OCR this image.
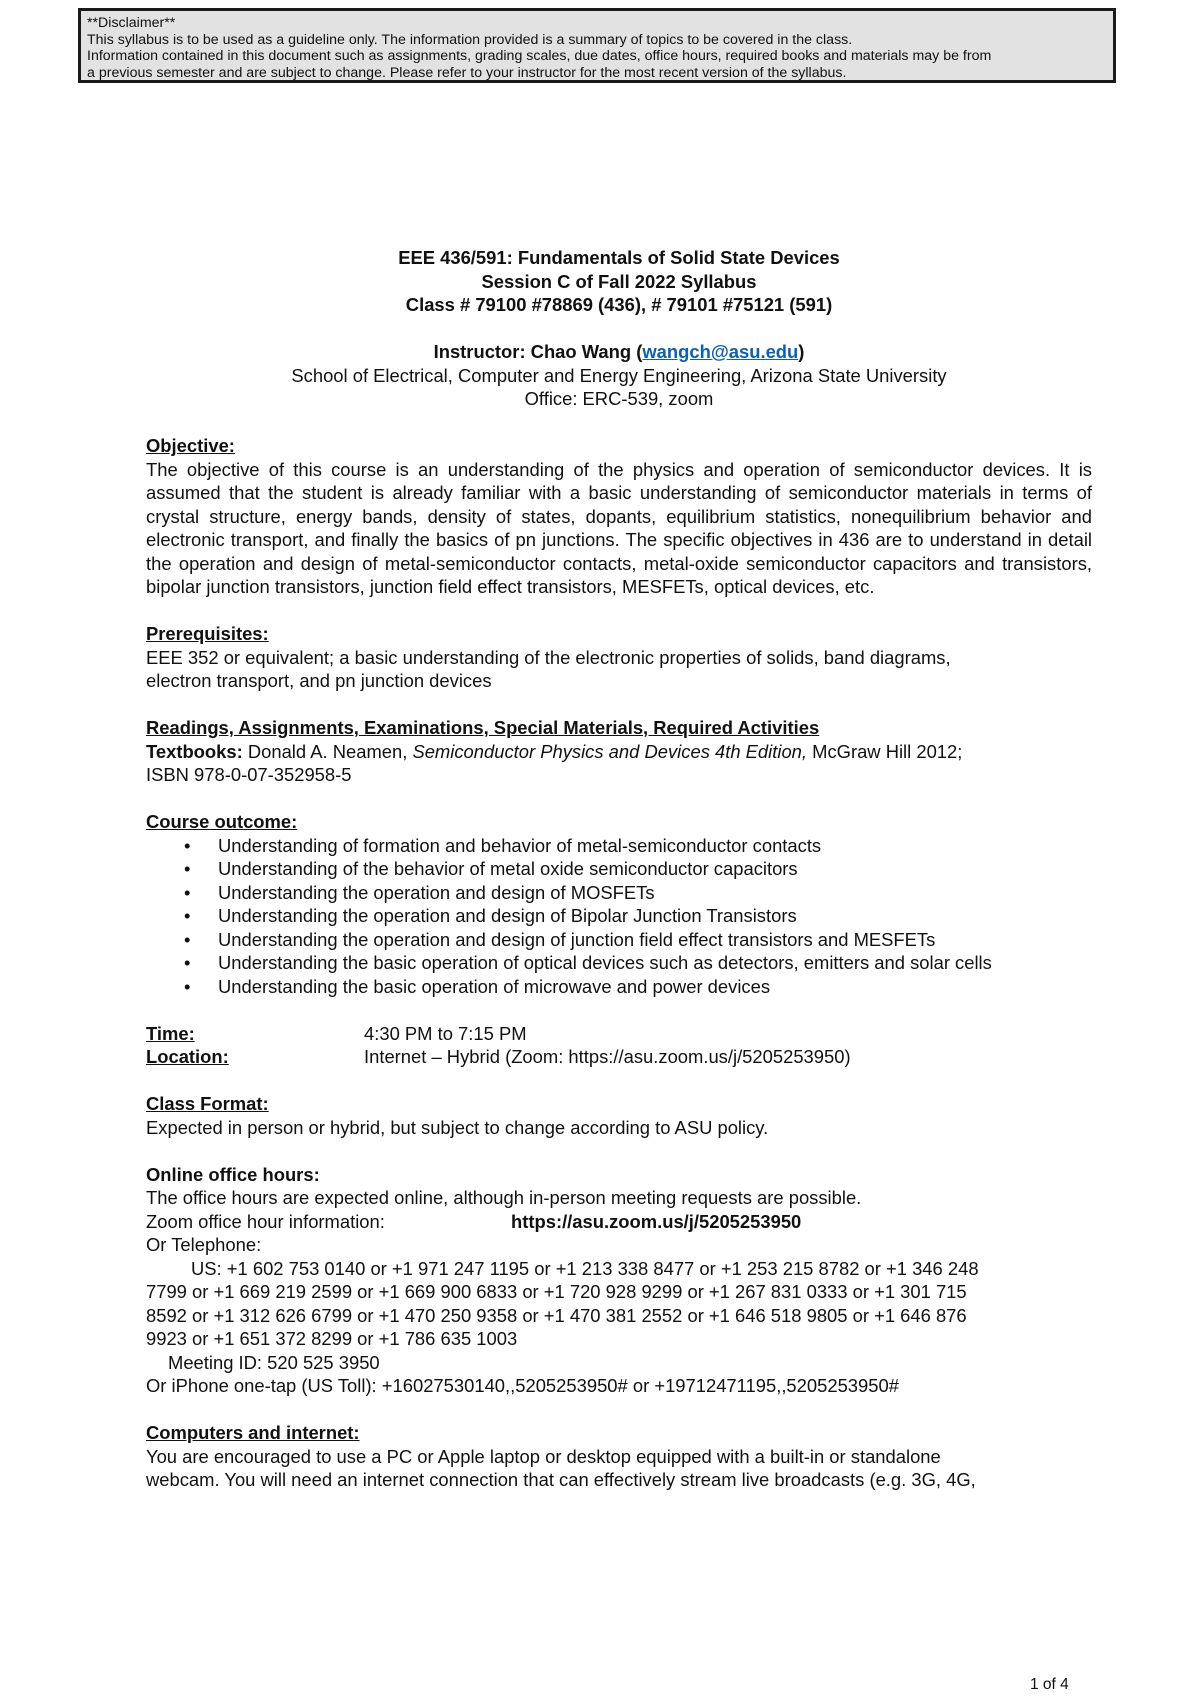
**Disclaimer**
This syllabus is to be used as a guideline only. The information provided is a summary of topics to be covered in the class.
Information contained in this document such as assignments, grading scales, due dates, office hours, required books and materials may be from
a previous semester and are subject to change. Please refer to your instructor for the most recent version of the syllabus.
EEE 436/591: Fundamentals of Solid State Devices
Session C of Fall 2022 Syllabus
Class # 79100 #78869 (436), # 79101 #75121 (591)
Instructor: Chao Wang (wangch@asu.edu)
School of Electrical, Computer and Energy Engineering, Arizona State University
Office: ERC-539, zoom
Objective:
The objective of this course is an understanding of the physics and operation of semiconductor devices. It is assumed that the student is already familiar with a basic understanding of semiconductor materials in terms of crystal structure, energy bands, density of states, dopants, equilibrium statistics, nonequilibrium behavior and electronic transport, and finally the basics of pn junctions. The specific objectives in 436 are to understand in detail the operation and design of metal-semiconductor contacts, metal-oxide semiconductor capacitors and transistors, bipolar junction transistors, junction field effect transistors, MESFETs, optical devices, etc.
Prerequisites:
EEE 352 or equivalent; a basic understanding of the electronic properties of solids, band diagrams,
electron transport, and pn junction devices
Readings, Assignments, Examinations, Special Materials, Required Activities
Textbooks: Donald A. Neamen, Semiconductor Physics and Devices 4th Edition, McGraw Hill 2012;
ISBN 978-0-07-352958-5
Course outcome:
• Understanding of formation and behavior of metal-semiconductor contacts
• Understanding of the behavior of metal oxide semiconductor capacitors
• Understanding the operation and design of MOSFETs
• Understanding the operation and design of Bipolar Junction Transistors
• Understanding the operation and design of junction field effect transistors and MESFETs
• Understanding the basic operation of optical devices such as detectors, emitters and solar cells
• Understanding the basic operation of microwave and power devices
Time:	4:30 PM to 7:15 PM
Location:	Internet – Hybrid (Zoom: https://asu.zoom.us/j/5205253950)
Class Format:
Expected in person or hybrid, but subject to change according to ASU policy.
Online office hours:
The office hours are expected online, although in-person meeting requests are possible.
Zoom office hour information:	https://asu.zoom.us/j/5205253950
Or Telephone:
US: +1 602 753 0140 or +1 971 247 1195 or +1 213 338 8477 or +1 253 215 8782 or +1 346 248
7799 or +1 669 219 2599 or +1 669 900 6833 or +1 720 928 9299 or +1 267 831 0333 or +1 301 715
8592 or +1 312 626 6799 or +1 470 250 9358 or +1 470 381 2552 or +1 646 518 9805 or +1 646 876
9923 or +1 651 372 8299 or +1 786 635 1003
Meeting ID: 520 525 3950
Or iPhone one-tap (US Toll): +16027530140,,5205253950# or +19712471195,,5205253950#
Computers and internet:
You are encouraged to use a PC or Apple laptop or desktop equipped with a built-in or standalone
webcam. You will need an internet connection that can effectively stream live broadcasts (e.g. 3G, 4G,
1 of 4
